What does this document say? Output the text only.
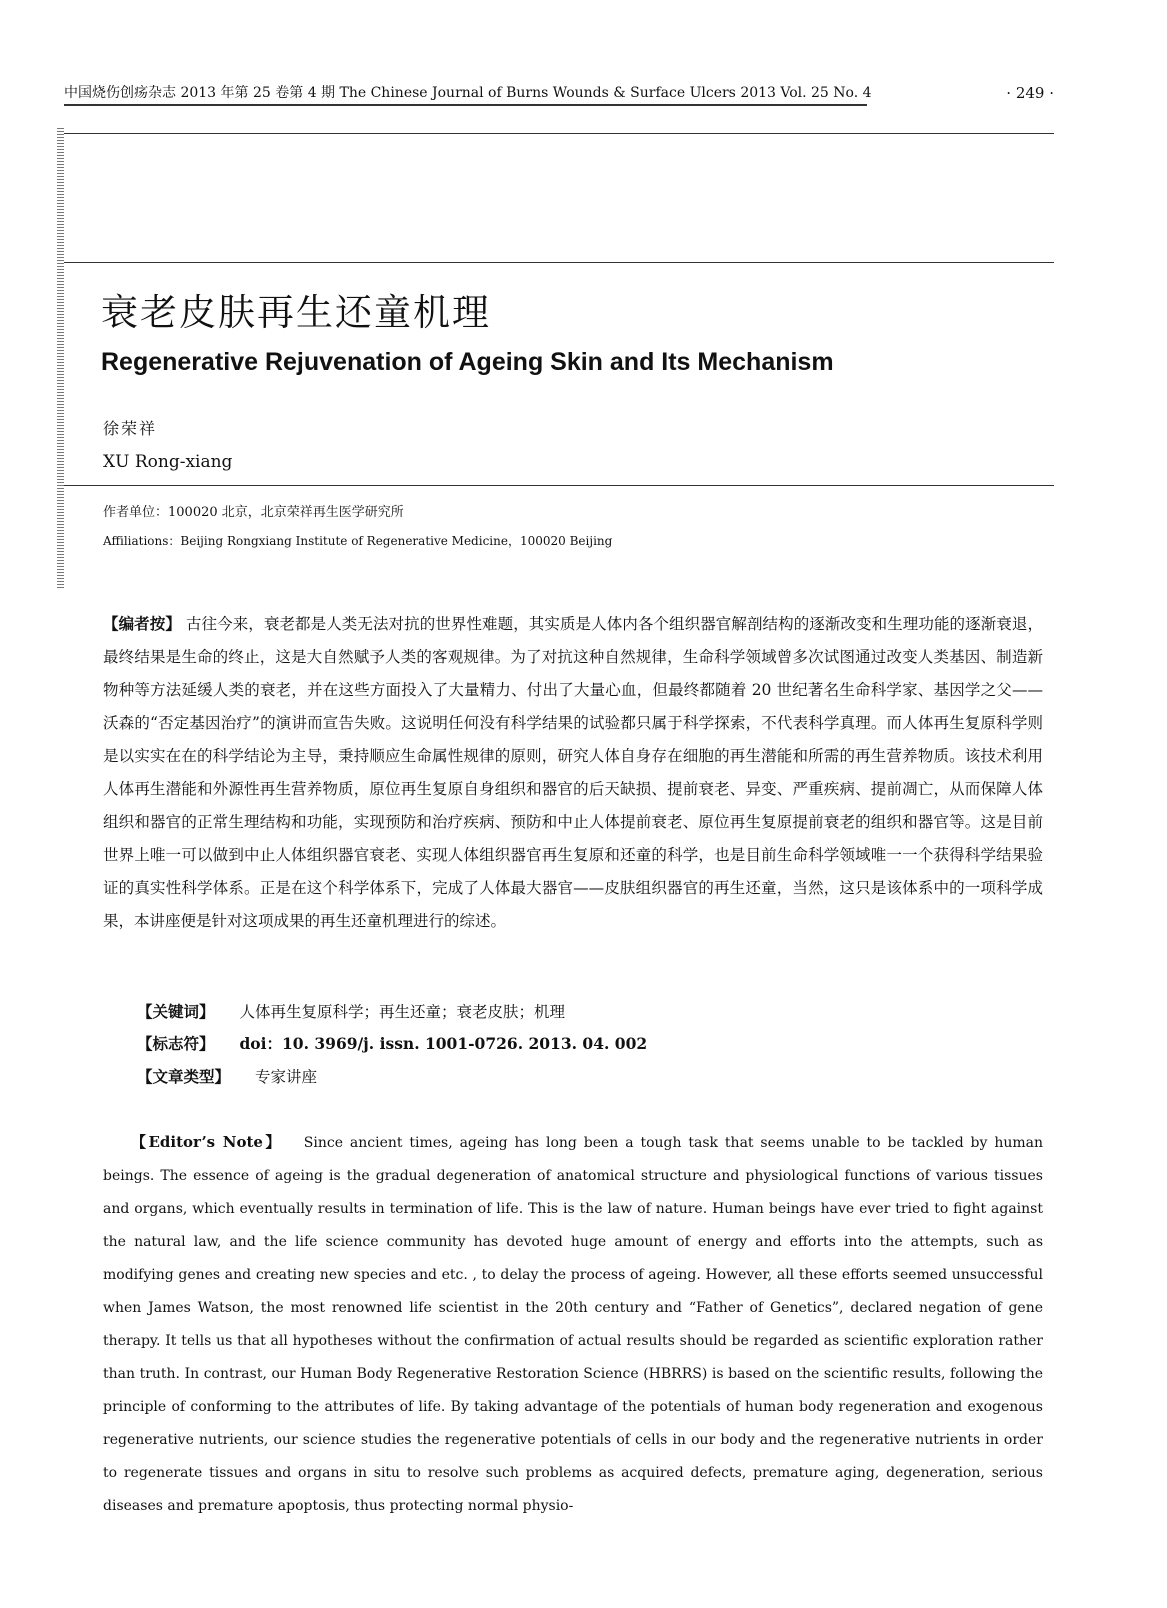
中国烧伤创疡杂志 2013 年第 25 卷第 4 期 The Chinese Journal of Burns Wounds & Surface Ulcers 2013 Vol. 25 No. 4	· 249 ·
衰老皮肤再生还童机理
Regenerative Rejuvenation of Ageing Skin and Its Mechanism
徐荣祥
XU Rong-xiang
作者单位：100020 北京，北京荣祥再生医学研究所
Affiliations：Beijing Rongxiang Institute of Regenerative Medicine，100020 Beijing

【编者按】 古往今来，衰老都是人类无法对抗的世界性难题，其实质是人体内各个组织器官解剖结构的逐渐改变和生理功能的逐渐衰退，最终结果是生命的终止，这是大自然赋予人类的客观规律。为了对抗这种自然规律，生命科学领域曾多次试图通过改变人类基因、制造新物种等方法延缓人类的衰老，并在这些方面投入了大量精力、付出了大量心血，但最终都随着 20 世纪著名生命科学家、基因学之父——沃森的“否定基因治疗”的演讲而宣告失败。这说明任何没有科学结果的试验都只属于科学探索，不代表科学真理。而人体再生复原科学则是以实实在在的科学结论为主导，秉持顺应生命属性规律的原则，研究人体自身存在细胞的再生潜能和所需的再生营养物质。该技术利用人体再生潜能和外源性再生营养物质，原位再生复原自身组织和器官的后天缺损、提前衰老、异变、严重疾病、提前凋亡，从而保障人体组织和器官的正常生理结构和功能，实现预防和治疗疾病、预防和中止人体提前衰老、原位再生复原提前衰老的组织和器官等。这是目前世界上唯一可以做到中止人体组织器官衰老、实现人体组织器官再生复原和还童的科学，也是目前生命科学领域唯一一个获得科学结果验证的真实性科学体系。正是在这个科学体系下，完成了人体最大器官——皮肤组织器官的再生还童，当然，这只是该体系中的一项科学成果，本讲座便是针对这项成果的再生还童机理进行的综述。

【关键词】 人体再生复原科学；再生还童；衰老皮肤；机理
【标志符】 doi：10. 3969/j. issn. 1001-0726. 2013. 04. 002
【文章类型】 专家讲座

【Editor’s Note】 Since ancient times, ageing has long been a tough task that seems unable to be tackled by human beings. The essence of ageing is the gradual degeneration of anatomical structure and physiological functions of various tissues and organs, which eventually results in termination of life. This is the law of nature. Human beings have ever tried to fight against the natural law, and the life science community has devoted huge amount of energy and efforts into the attempts, such as modifying genes and creating new species and etc. , to delay the process of ageing. However, all these efforts seemed unsuccessful when James Watson, the most renowned life scientist in the 20th century and “Father of Genetics”, declared negation of gene therapy. It tells us that all hypotheses without the confirmation of actual results should be regarded as scientific exploration rather than truth. In contrast, our Human Body Regenerative Restoration Science (HBRRS) is based on the scientific results, following the principle of conforming to the attributes of life. By taking advantage of the potentials of human body regeneration and exogenous regenerative nutrients, our science studies the regenerative potentials of cells in our body and the regenerative nutrients in order to regenerate tissues and organs in situ to resolve such problems as acquired defects, premature aging, degeneration, serious diseases and premature apoptosis, thus protecting normal physio-
